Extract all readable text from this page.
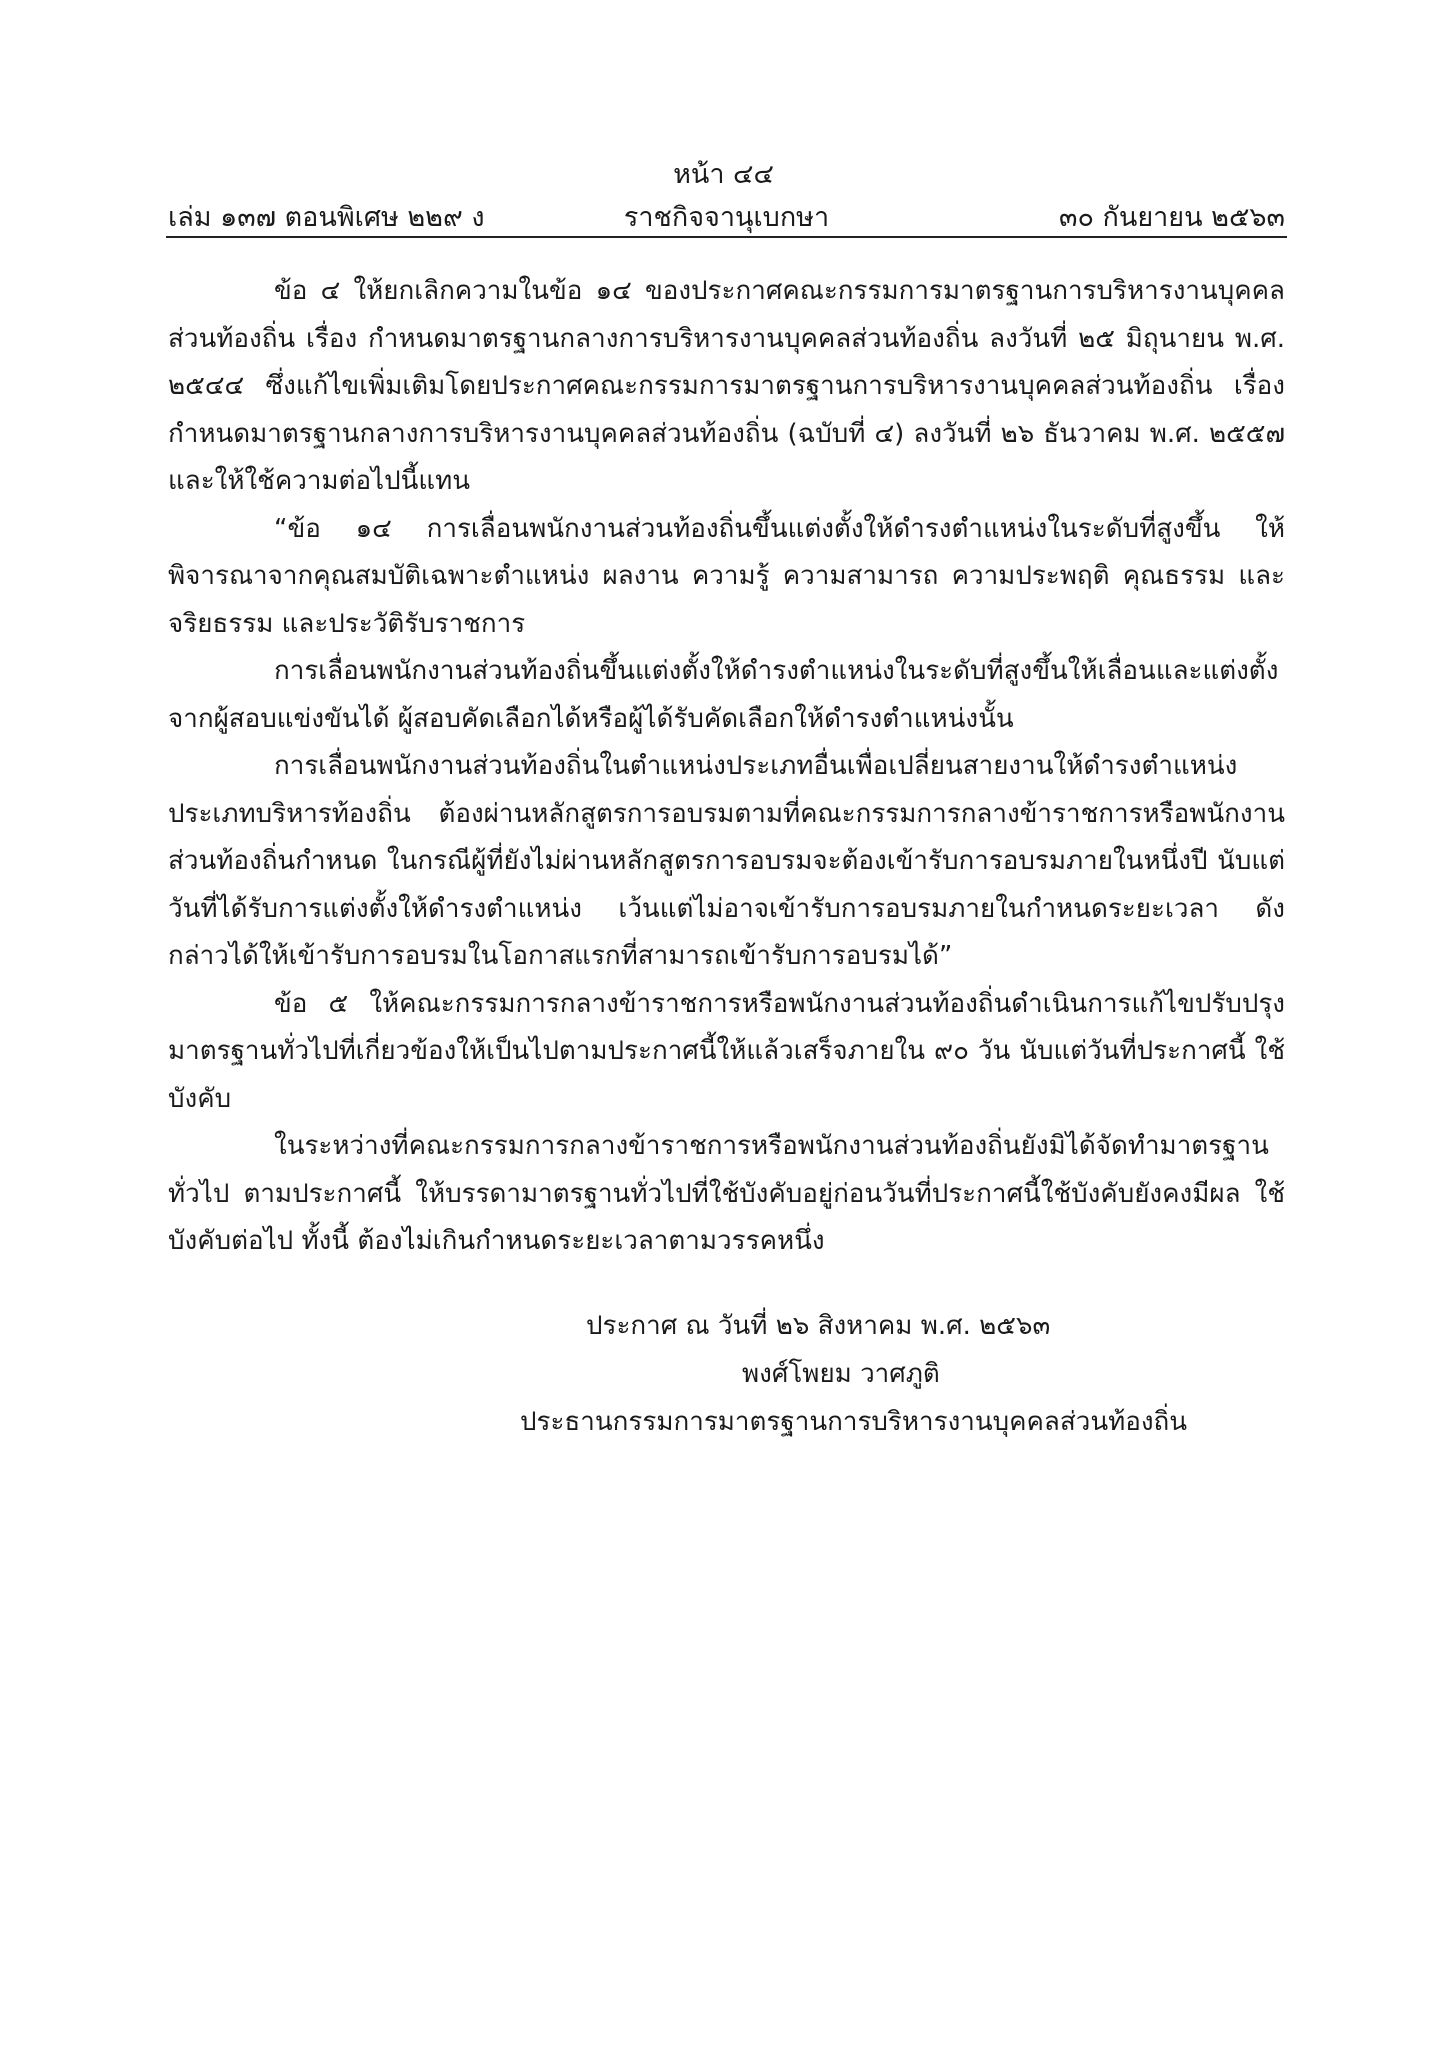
หน้า ๔๔
เล่ม ๑๓๗ ตอนพิเศษ ๒๒๙ ง	ราชกิจจานุเบกษา	๓๐ กันยายน ๒๕๖๓

ข้อ ๔ ให้ยกเลิกความในข้อ ๑๔ ของประกาศคณะกรรมการมาตรฐานการบริหารงานบุคคลส่วนท้องถิ่น เรื่อง กำหนดมาตรฐานกลางการบริหารงานบุคคลส่วนท้องถิ่น ลงวันที่ ๒๕ มิถุนายน พ.ศ. ๒๕๔๔ ซึ่งแก้ไขเพิ่มเติมโดยประกาศคณะกรรมการมาตรฐานการบริหารงานบุคคลส่วนท้องถิ่น เรื่อง กำหนดมาตรฐานกลางการบริหารงานบุคคลส่วนท้องถิ่น (ฉบับที่ ๔) ลงวันที่ ๒๖ ธันวาคม พ.ศ. ๒๕๕๗ และให้ใช้ความต่อไปนี้แทน

“ข้อ ๑๔ การเลื่อนพนักงานส่วนท้องถิ่นขึ้นแต่งตั้งให้ดำรงตำแหน่งในระดับที่สูงขึ้น ให้พิจารณาจากคุณสมบัติเฉพาะตำแหน่ง ผลงาน ความรู้ ความสามารถ ความประพฤติ คุณธรรม และจริยธรรม และประวัติรับราชการ

การเลื่อนพนักงานส่วนท้องถิ่นขึ้นแต่งตั้งให้ดำรงตำแหน่งในระดับที่สูงขึ้นให้เลื่อนและแต่งตั้ง จากผู้สอบแข่งขันได้ ผู้สอบคัดเลือกได้หรือผู้ได้รับคัดเลือกให้ดำรงตำแหน่งนั้น

การเลื่อนพนักงานส่วนท้องถิ่นในตำแหน่งประเภทอื่นเพื่อเปลี่ยนสายงานให้ดำรงตำแหน่ง ประเภทบริหารท้องถิ่น ต้องผ่านหลักสูตรการอบรมตามที่คณะกรรมการกลางข้าราชการหรือพนักงาน ส่วนท้องถิ่นกำหนด ในกรณีผู้ที่ยังไม่ผ่านหลักสูตรการอบรมจะต้องเข้ารับการอบรมภายในหนึ่งปี นับแต่วันที่ได้รับการแต่งตั้งให้ดำรงตำแหน่ง เว้นแต่ไม่อาจเข้ารับการอบรมภายในกำหนดระยะเวลา ดังกล่าวได้ให้เข้ารับการอบรมในโอกาสแรกที่สามารถเข้ารับการอบรมได้”

ข้อ ๕ ให้คณะกรรมการกลางข้าราชการหรือพนักงานส่วนท้องถิ่นดำเนินการแก้ไขปรับปรุง มาตรฐานทั่วไปที่เกี่ยวข้องให้เป็นไปตามประกาศนี้ให้แล้วเสร็จภายใน ๙๐ วัน นับแต่วันที่ประกาศนี้ ใช้บังคับ

ในระหว่างที่คณะกรรมการกลางข้าราชการหรือพนักงานส่วนท้องถิ่นยังมิได้จัดทำมาตรฐานทั่วไป ตามประกาศนี้ ให้บรรดามาตรฐานทั่วไปที่ใช้บังคับอยู่ก่อนวันที่ประกาศนี้ใช้บังคับยังคงมีผล ใช้บังคับต่อไป ทั้งนี้ ต้องไม่เกินกำหนดระยะเวลาตามวรรคหนึ่ง

ประกาศ ณ วันที่ ๒๖ สิงหาคม พ.ศ. ๒๕๖๓
พงศ์โพยม วาศภูติ
ประธานกรรมการมาตรฐานการบริหารงานบุคคลส่วนท้องถิ่น
